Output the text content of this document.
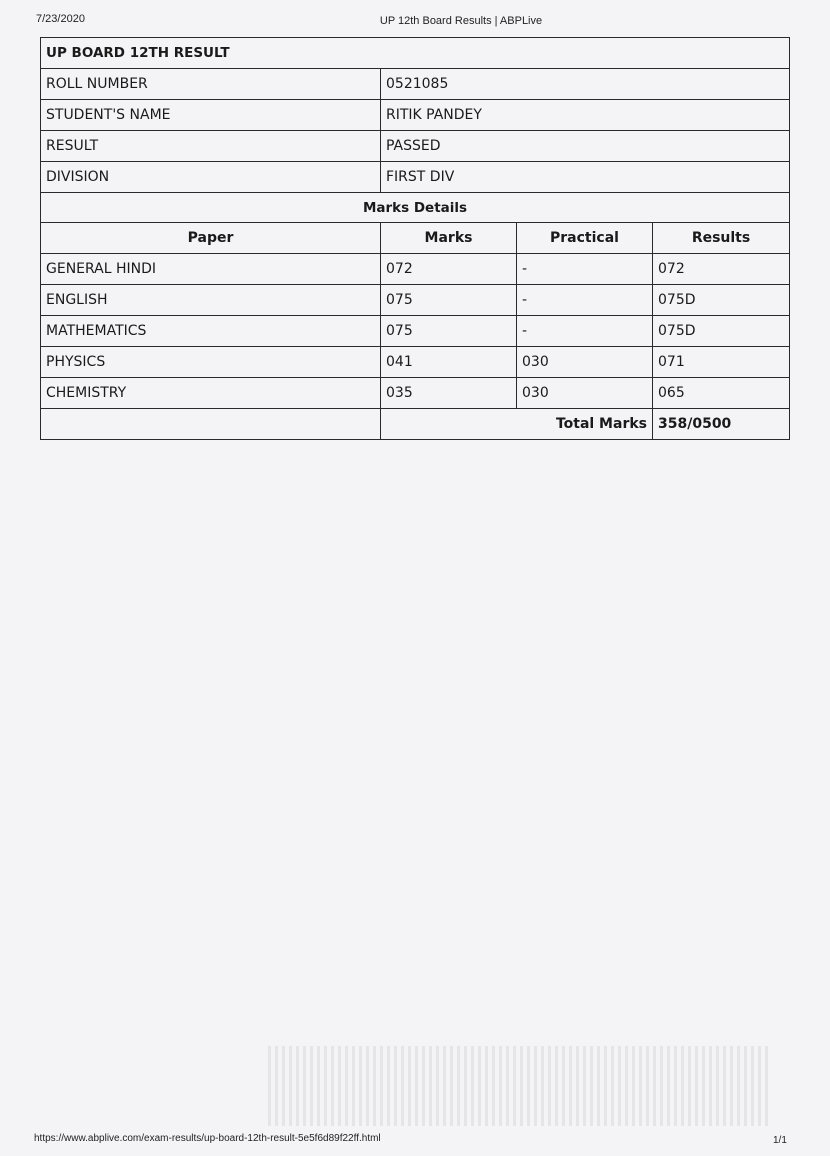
7/23/2020	UP 12th Board Results | ABPLive
UP BOARD 12TH RESULT			
ROLL NUMBER	0521085		
STUDENT'S NAME	RITIK PANDEY		
RESULT	PASSED		
DIVISION	FIRST DIV		
Marks Details			
Paper	Marks	Practical	Results
GENERAL HINDI	072	-	072
ENGLISH	075	-	075D
MATHEMATICS	075	-	075D
PHYSICS	041	030	071
CHEMISTRY	035	030	065
	Total Marks		358/0500
https://www.abplive.com/exam-results/up-board-12th-result-5e5f6d89f22ff.html	1/1
